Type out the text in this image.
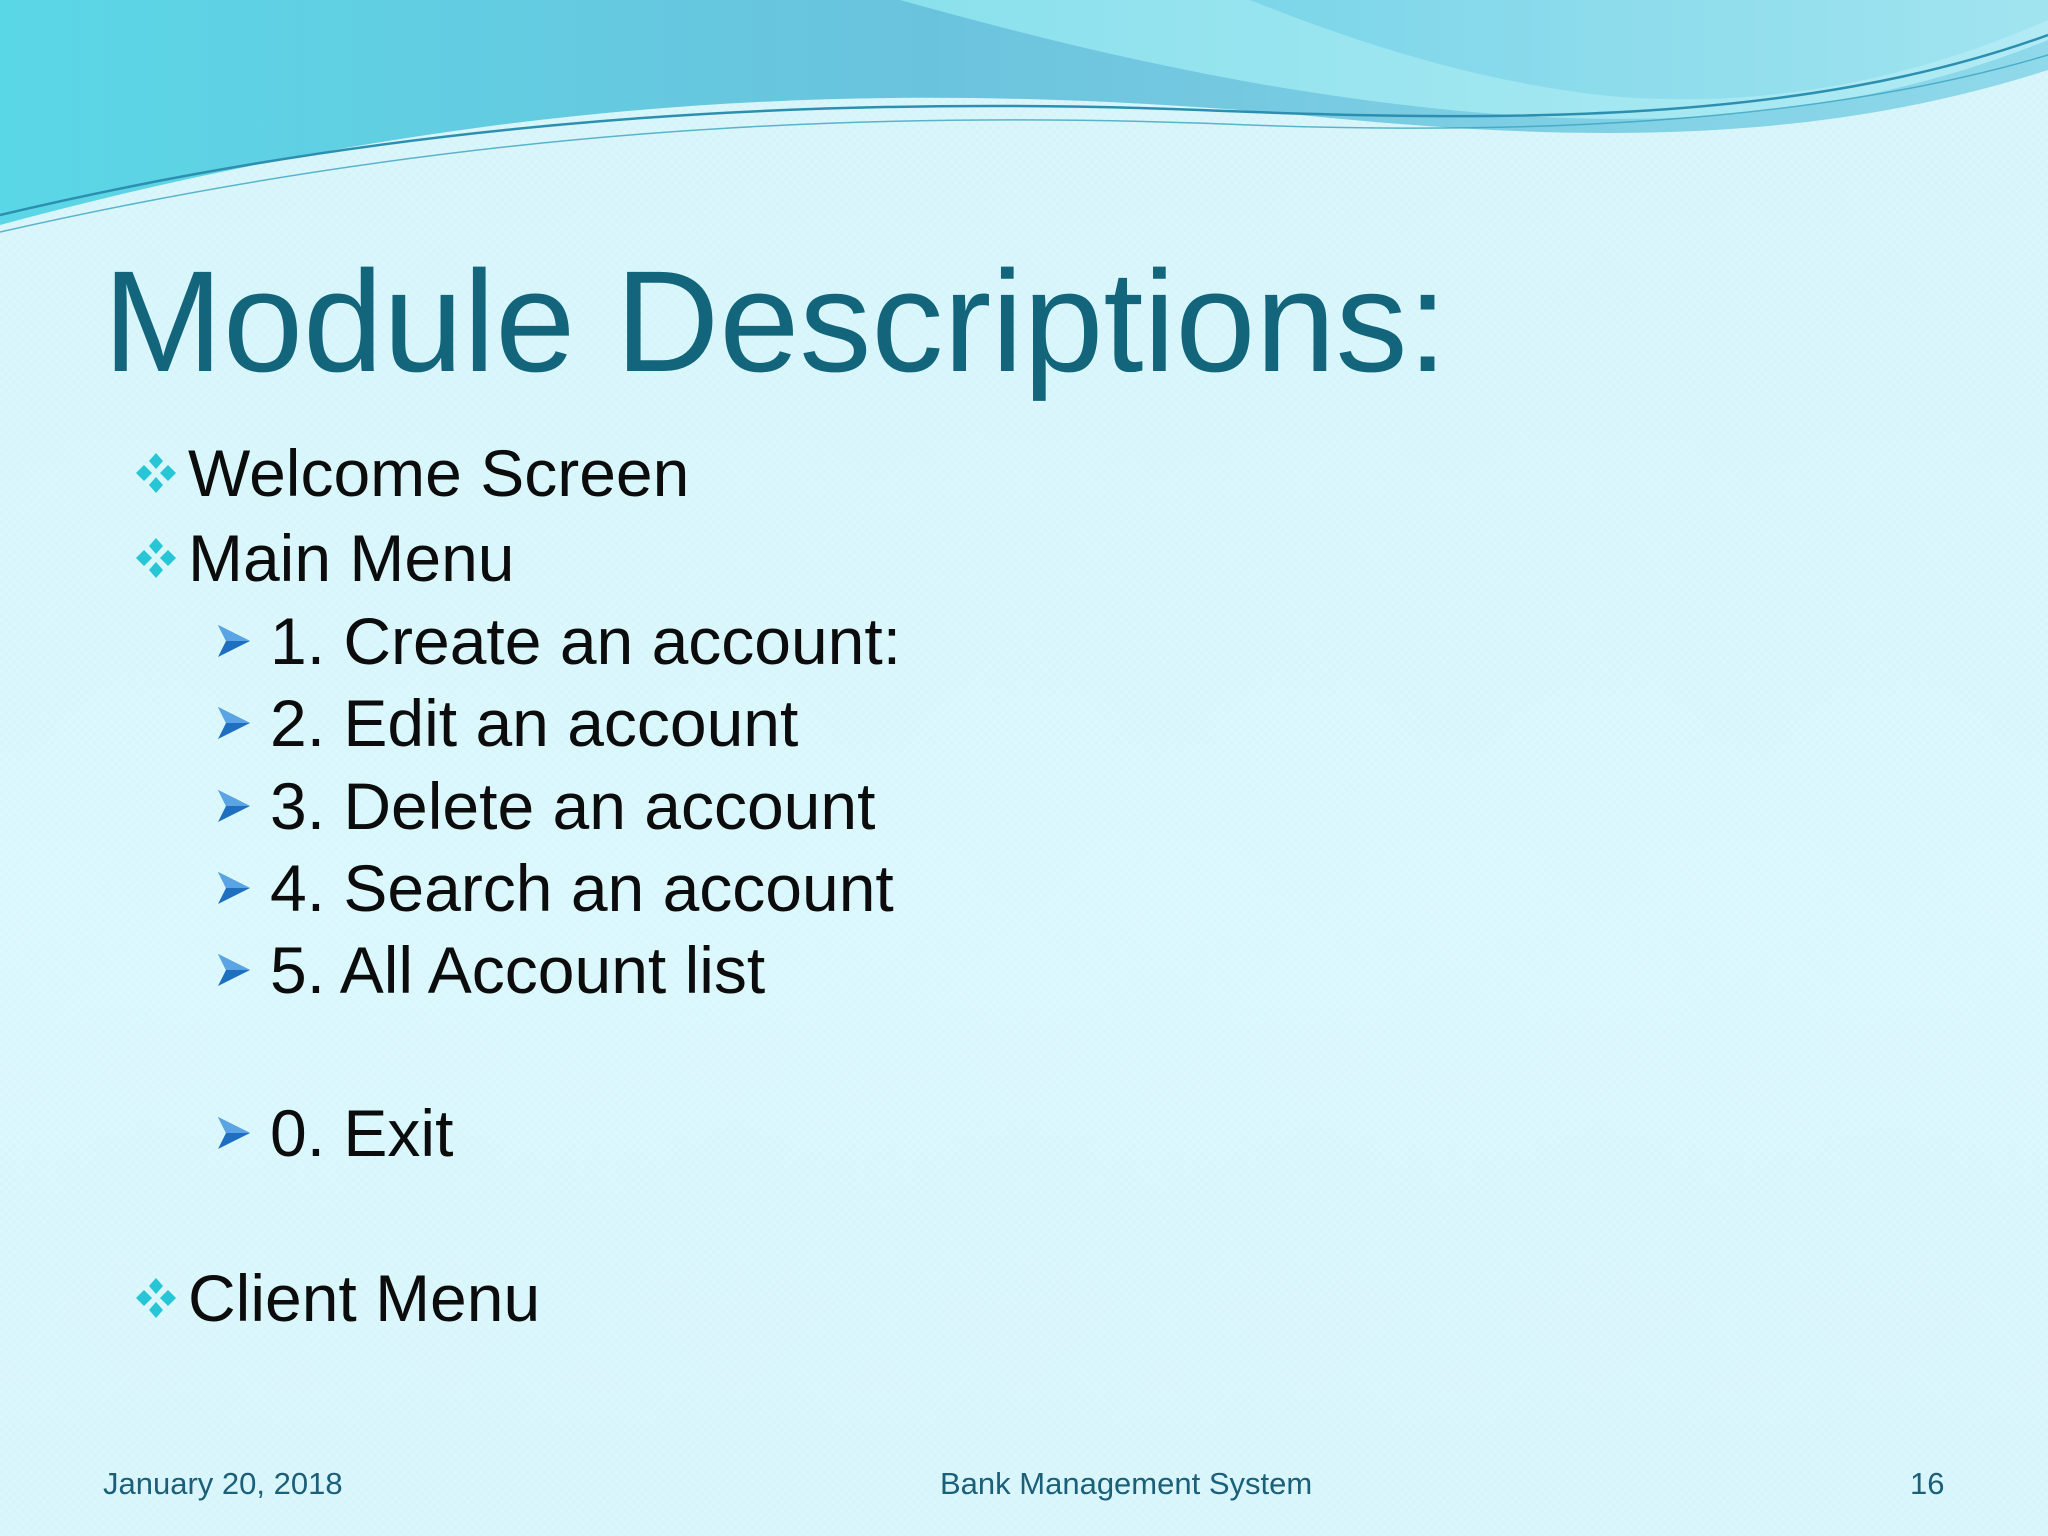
Module Descriptions:
Welcome Screen
Main Menu
1. Create an account:
2. Edit an account
3. Delete an account
4. Search an account
5. All Account list
0. Exit
Client Menu
January 20, 2018	Bank Management System	16
